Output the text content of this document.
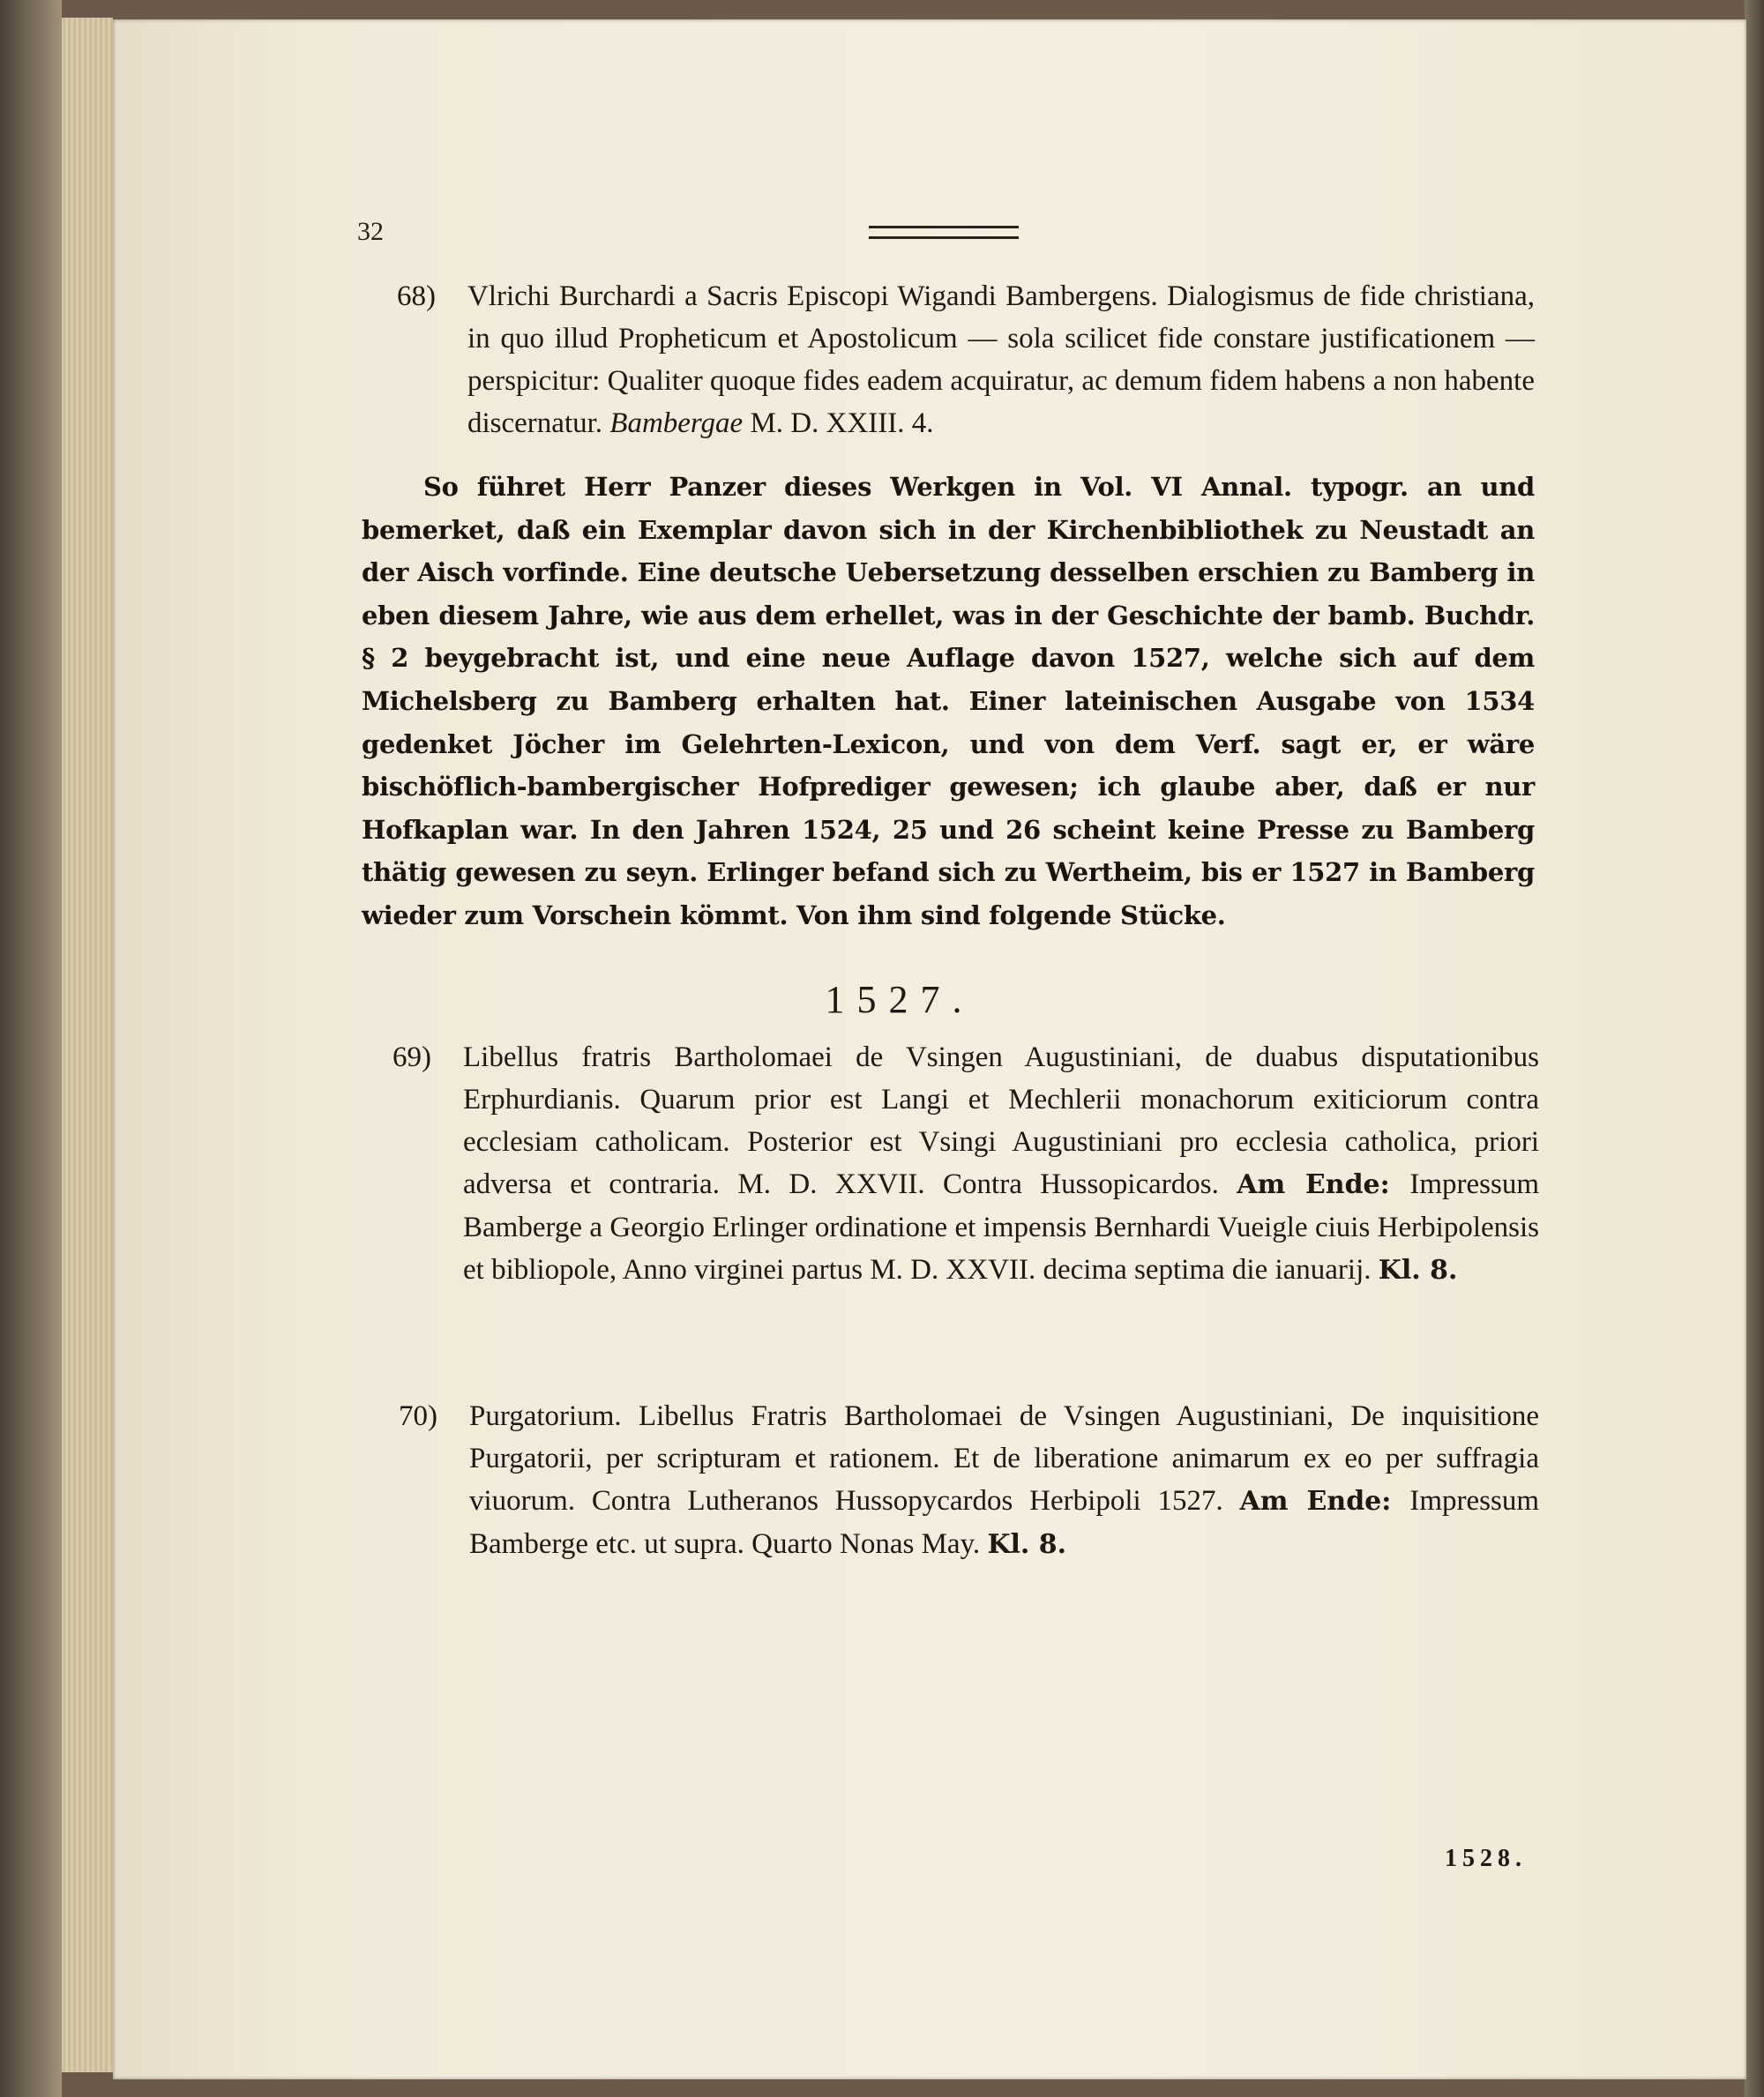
32
68) Vlrichi Burchardi a Sacris Episcopi Wigandi Bambergens. Dialogismus de fide christiana, in quo illud Propheticum et Apostolicum — sola scilicet fide constare justificationem — perspicitur: Qualiter quoque fides eadem acquiratur, ac demum fidem habens a non habente discernatur. Bambergae M. D. XXIII. 4.
So führet Herr Panzer dieses Werkgen in Vol. VI Annal. typogr. an und bemerket, daß ein Exemplar davon sich in der Kirchenbibliothek zu Neustadt an der Aisch vorfinde. Eine deutsche Uebersetzung desselben erschien zu Bamberg in eben diesem Jahre, wie aus dem erhellet, was in der Geschichte der bamb. Buchdr. § 2 beygebracht ist, und eine neue Auflage davon 1527, welche sich auf dem Michelsberg zu Bamberg erhalten hat. Einer lateinischen Ausgabe von 1534 gedenket Jöcher im Gelehrten-Lexicon, und von dem Verf. sagt er, er wäre bischöflich-bambergischer Hofprediger gewesen; ich glaube aber, daß er nur Hofkaplan war. In den Jahren 1524, 25 und 26 scheint keine Presse zu Bamberg thätig gewesen zu seyn. Erlinger befand sich zu Wertheim, bis er 1527 in Bamberg wieder zum Vorschein kömmt. Von ihm sind folgende Stücke.
1527.
69) Libellus fratris Bartholomaei de Vsingen Augustiniani, de duabus disputationibus Erphurdianis. Quarum prior est Langi et Mechlerii monachorum exiticiorum contra ecclesiam catholicam. Posterior est Vsingi Augustiniani pro ecclesia catholica, priori adversa et contraria. M. D. XXVII. Contra Hussopicardos. Am Ende: Impressum Bamberge a Georgio Erlinger ordinatione et impensis Bernhardi Vueigle ciuis Herbipolensis et bibliopole, Anno virginei partus M. D. XXVII. decima septima die ianuarij. Kl. 8.
70) Purgatorium. Libellus Fratris Bartholomaei de Vsingen Augustiniani, De inquisitione Purgatorii, per scripturam et rationem. Et de liberatione animarum ex eo per suffragia viuorum. Contra Lutheranos Hussopycardos Herbipoli 1527. Am Ende: Impressum Bamberge etc. ut supra. Quarto Nonas May. Kl. 8.
1528.
